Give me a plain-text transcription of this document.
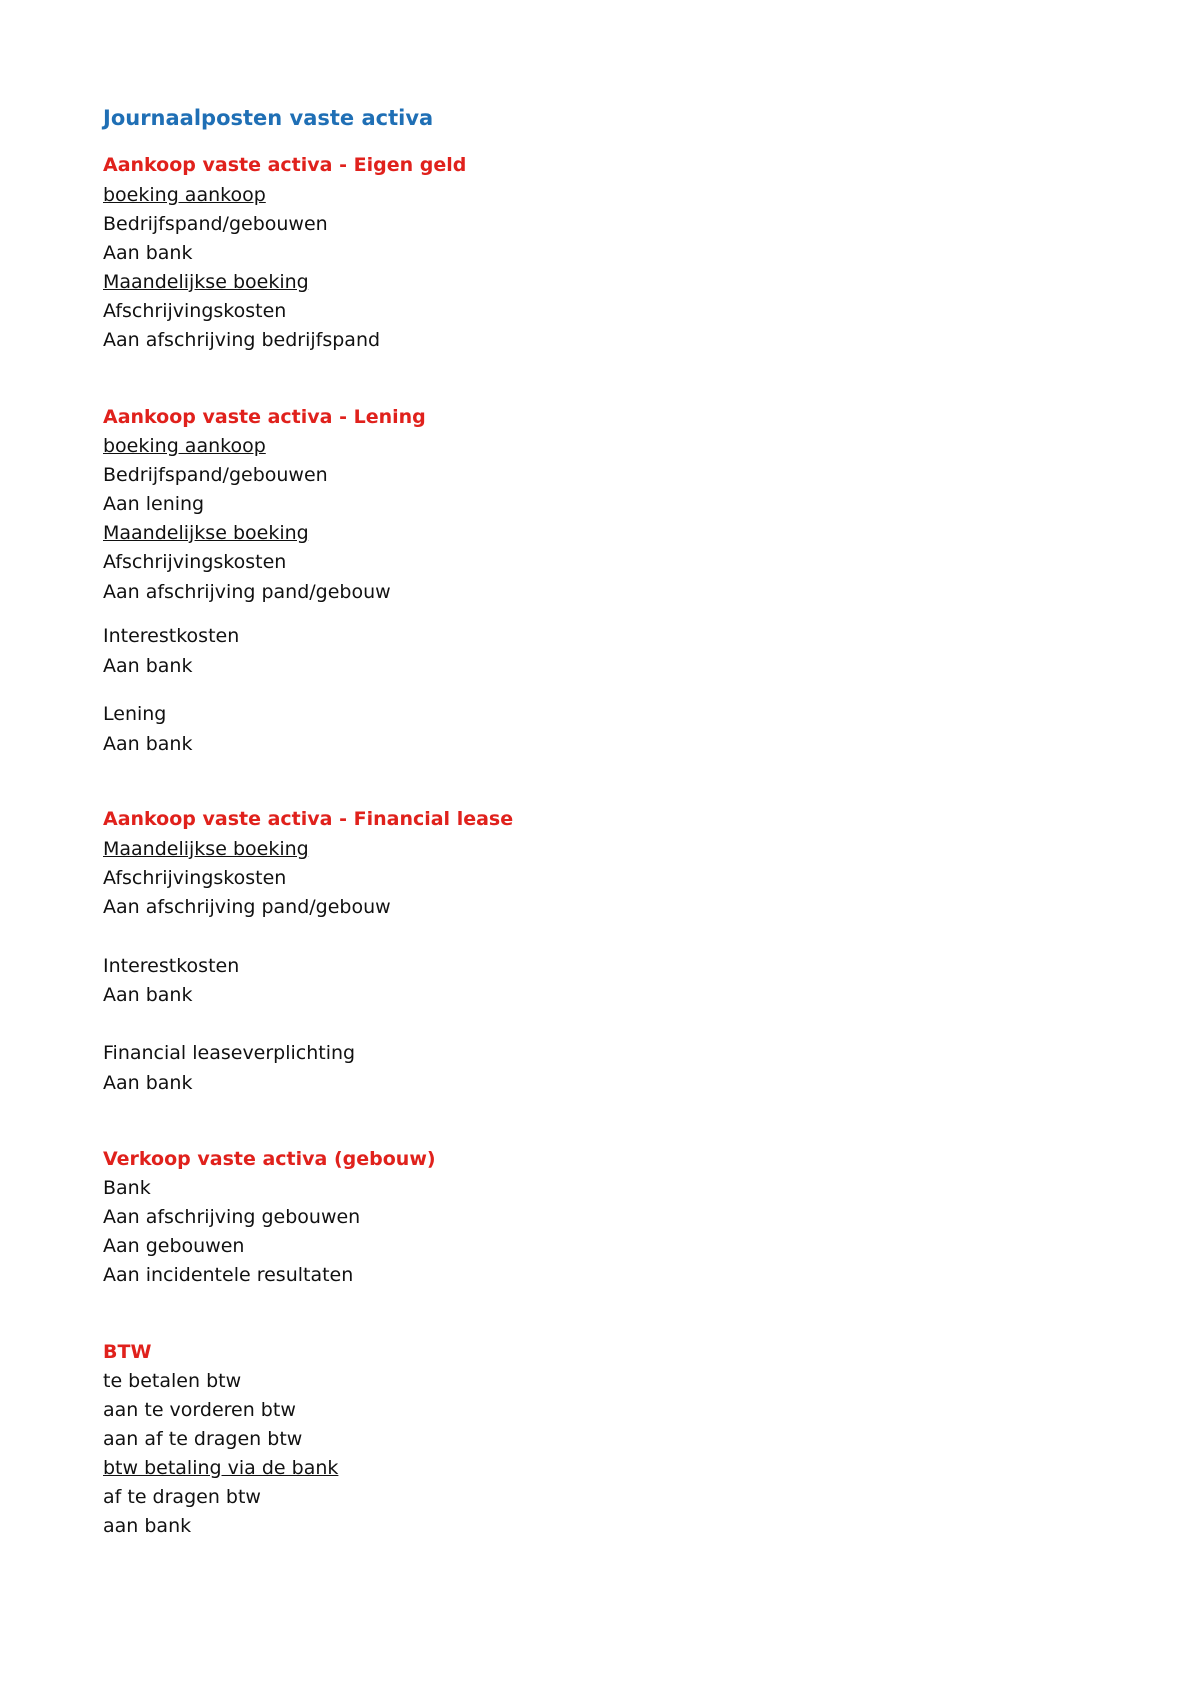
Journaalposten vaste activa
Aankoop vaste activa - Eigen geld
boeking aankoop
Bedrijfspand/gebouwen
Aan bank
Maandelijkse boeking
Afschrijvingskosten
Aan afschrijving bedrijfspand
Aankoop vaste activa - Lening
boeking aankoop
Bedrijfspand/gebouwen
Aan lening
Maandelijkse boeking
Afschrijvingskosten
Aan afschrijving pand/gebouw
Interestkosten
Aan bank
Lening
Aan bank
Aankoop vaste activa - Financial lease
Maandelijkse boeking
Afschrijvingskosten
Aan afschrijving pand/gebouw
Interestkosten
Aan bank
Financial leaseverplichting
Aan bank
Verkoop vaste activa (gebouw)
Bank
Aan afschrijving gebouwen
Aan gebouwen
Aan incidentele resultaten
BTW
te betalen btw
aan te vorderen btw
aan af te dragen btw
btw betaling via de bank
af te dragen btw
aan bank
